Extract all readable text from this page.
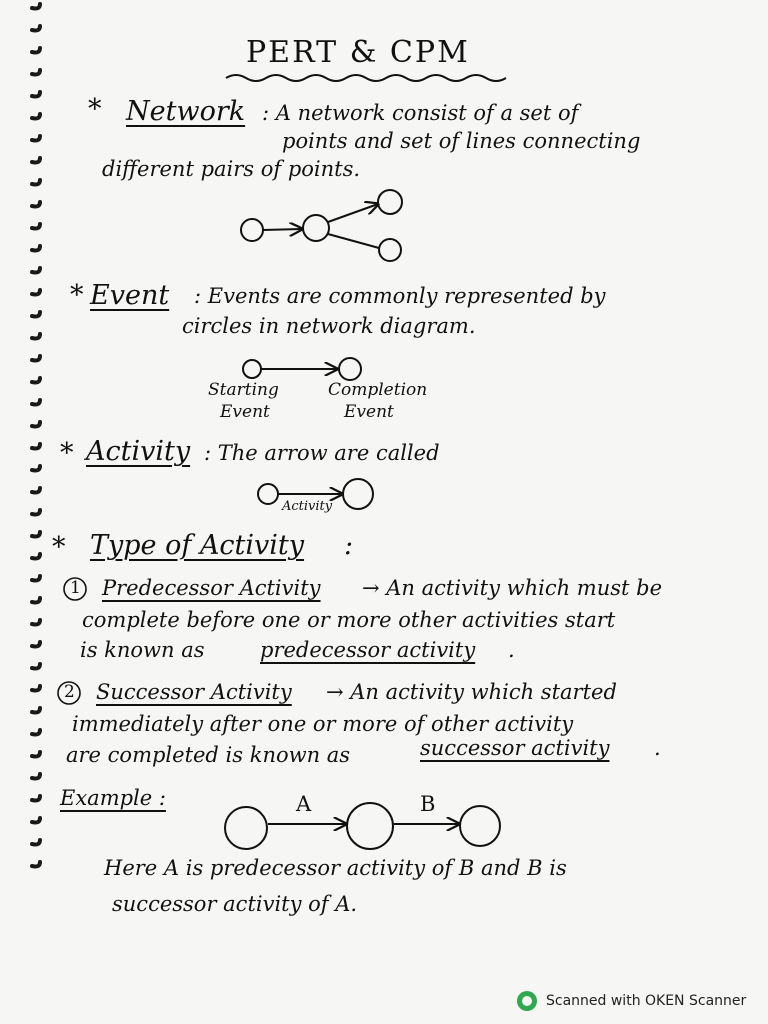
PERT & CPM
* Network : A network consist of a set of
points and set of lines connecting
different pairs of points.
* Event : Events are commonly represented by
circles in network diagram.
Starting
Event
Completion
Event
* Activity : The arrow are called
Activity
* Type of Activity :
1 Predecessor Activity → An activity which must be
complete before one or more other activities start
is known as	predecessor activity .
2 Successor Activity → An activity which started
immediately after one or more of other activity
are completed is known as	successor activity .
Example :	A	B
Here A is predecessor activity of B and B is
successor activity of A.
Scanned with OKEN Scanner
